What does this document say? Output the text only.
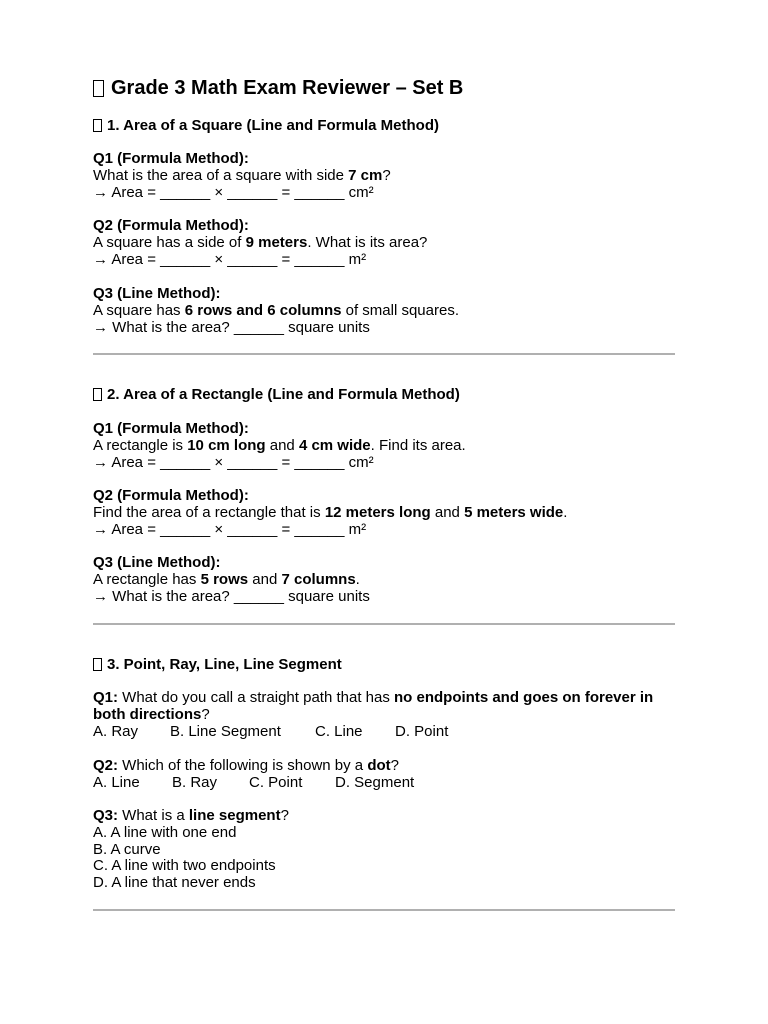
Grade 3 Math Exam Reviewer – Set B
1. Area of a Square (Line and Formula Method)
Q1 (Formula Method):
What is the area of a square with side 7 cm?
→ Area = ______ × ______ = ______ cm²
Q2 (Formula Method):
A square has a side of 9 meters. What is its area?
→ Area = ______ × ______ = ______ m²
Q3 (Line Method):
A square has 6 rows and 6 columns of small squares.
→ What is the area? ______ square units
2. Area of a Rectangle (Line and Formula Method)
Q1 (Formula Method):
A rectangle is 10 cm long and 4 cm wide. Find its area.
→ Area = ______ × ______ = ______ cm²
Q2 (Formula Method):
Find the area of a rectangle that is 12 meters long and 5 meters wide.
→ Area = ______ × ______ = ______ m²
Q3 (Line Method):
A rectangle has 5 rows and 7 columns.
→ What is the area? ______ square units
3. Point, Ray, Line, Line Segment
Q1: What do you call a straight path that has no endpoints and goes on forever in both directions?
A. Ray B. Line Segment C. Line D. Point
Q2: Which of the following is shown by a dot?
A. Line B. Ray C. Point D. Segment
Q3: What is a line segment?
A. A line with one end
B. A curve
C. A line with two endpoints
D. A line that never ends
